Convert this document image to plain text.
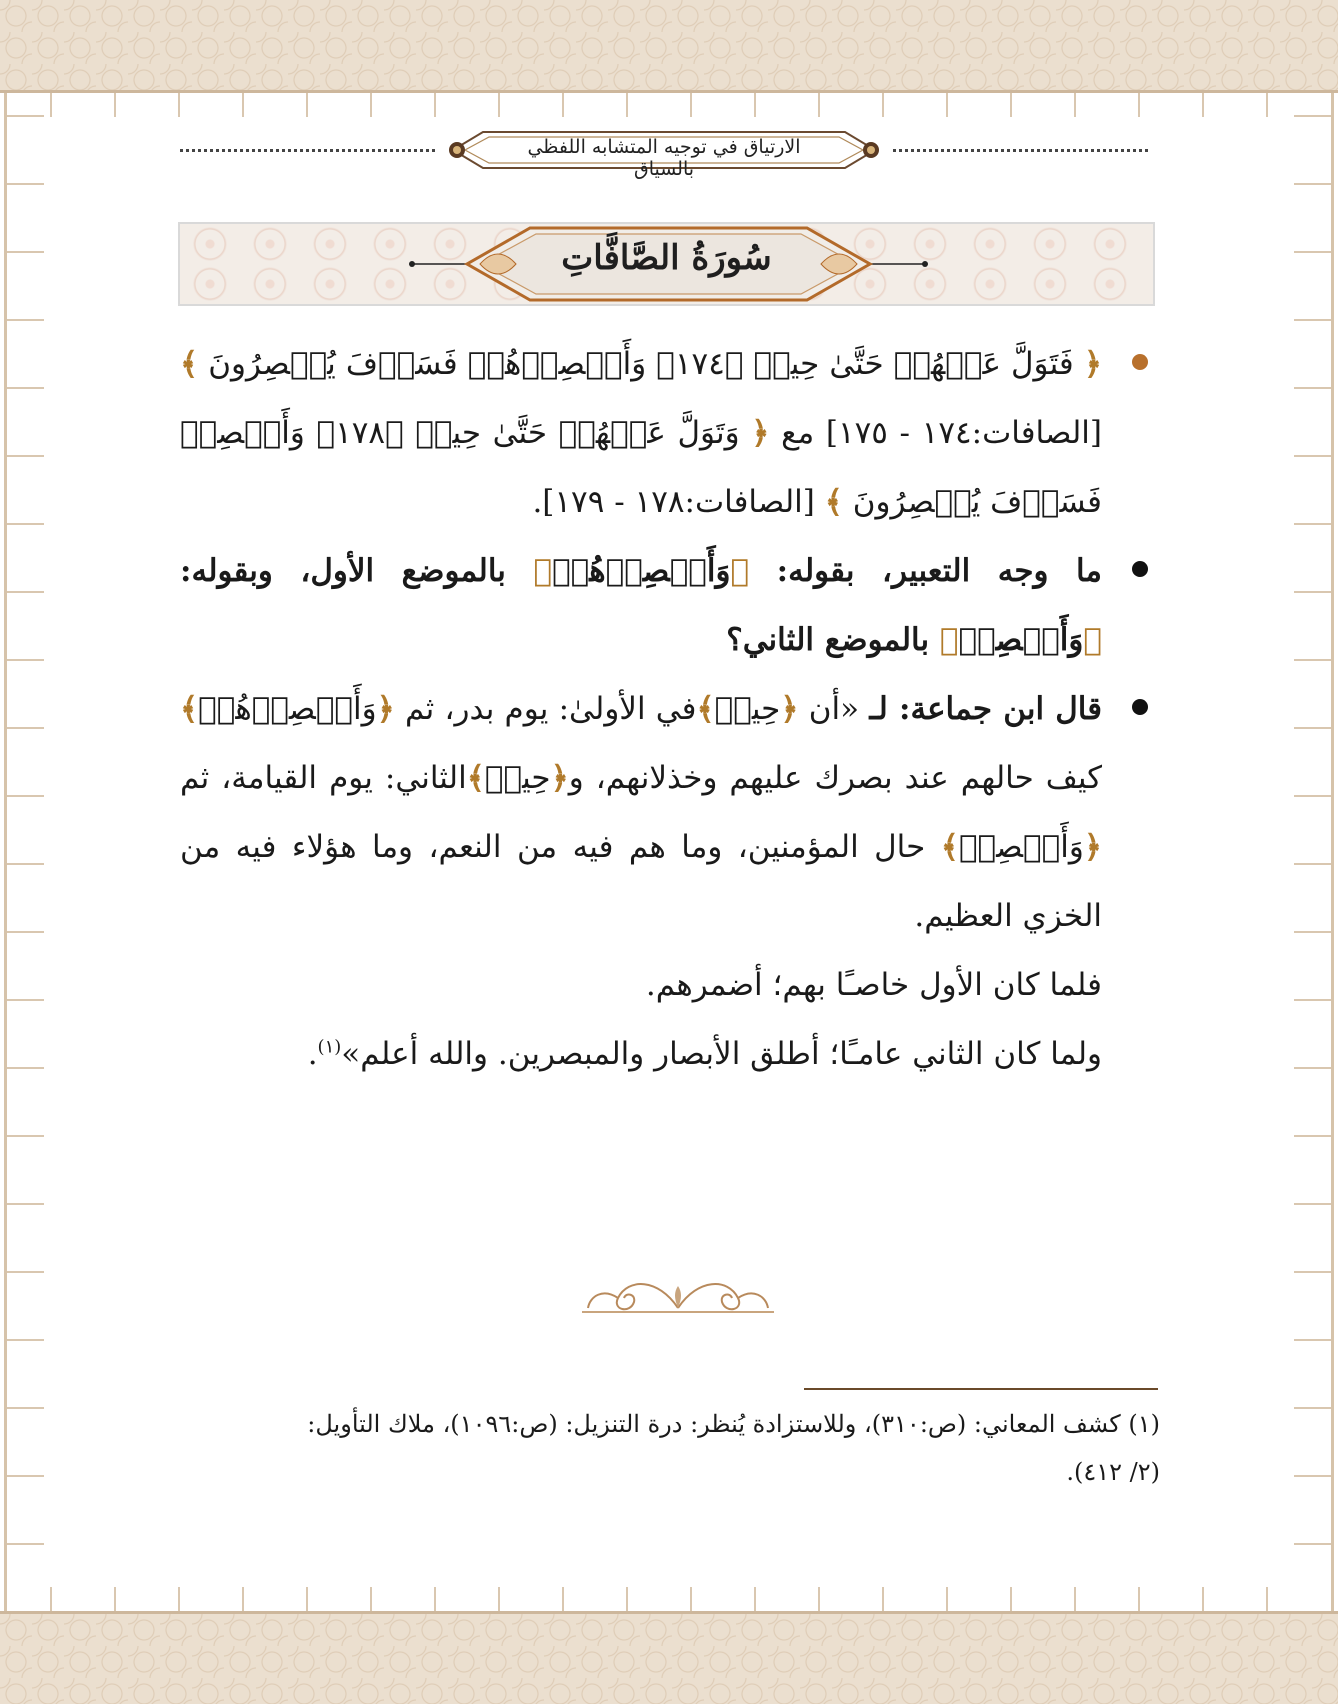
الارتياق في توجيه المتشابه اللفظي بالسياق
سُورَةُ الصَّافَّاتِ
﴿ فَتَوَلَّ عَنۡهُمۡ حَتَّىٰ حِينٖ ﴿١٧٤﴾ وَأَبۡصِرۡهُمۡ فَسَوۡفَ يُبۡصِرُونَ ﴾ [الصافات:١٧٤ - ١٧٥] مع ﴿ وَتَوَلَّ عَنۡهُمۡ حَتَّىٰ حِينٖ ﴿١٧٨﴾ وَأَبۡصِرۡ فَسَوۡفَ يُبۡصِرُونَ ﴾ [الصافات:١٧٨ - ١٧٩].
ما وجه التعبير، بقوله: ﴿وَأَبۡصِرۡهُمۡ﴾ بالموضع الأول، وبقوله: ﴿وَأَبۡصِرۡ﴾ بالموضع الثاني؟
قال ابن جماعة: لـ «أن ﴿حِينٖ﴾في الأولىٰ: يوم بدر، ثم ﴿وَأَبۡصِرۡهُمۡ﴾ كيف حالهم عند بصرك عليهم وخذلانهم، و﴿حِينٖ﴾الثاني: يوم القيامة، ثم ﴿وَأَبۡصِرۡ﴾ حال المؤمنين، وما هم فيه من النعم، وما هؤلاء فيه من الخزي العظيم.
فلما كان الأول خاصـًا بهم؛ أضمرهم.
ولما كان الثاني عامـًا؛ أطلق الأبصار والمبصرين. والله أعلم»$^{(١)}$.
(١) كشف المعاني: (ص:٣١٠)، وللاستزادة يُنظر: درة التنزيل: (ص:١٠٩٦)، ملاك التأويل:
(٢/ ٤١٢).
